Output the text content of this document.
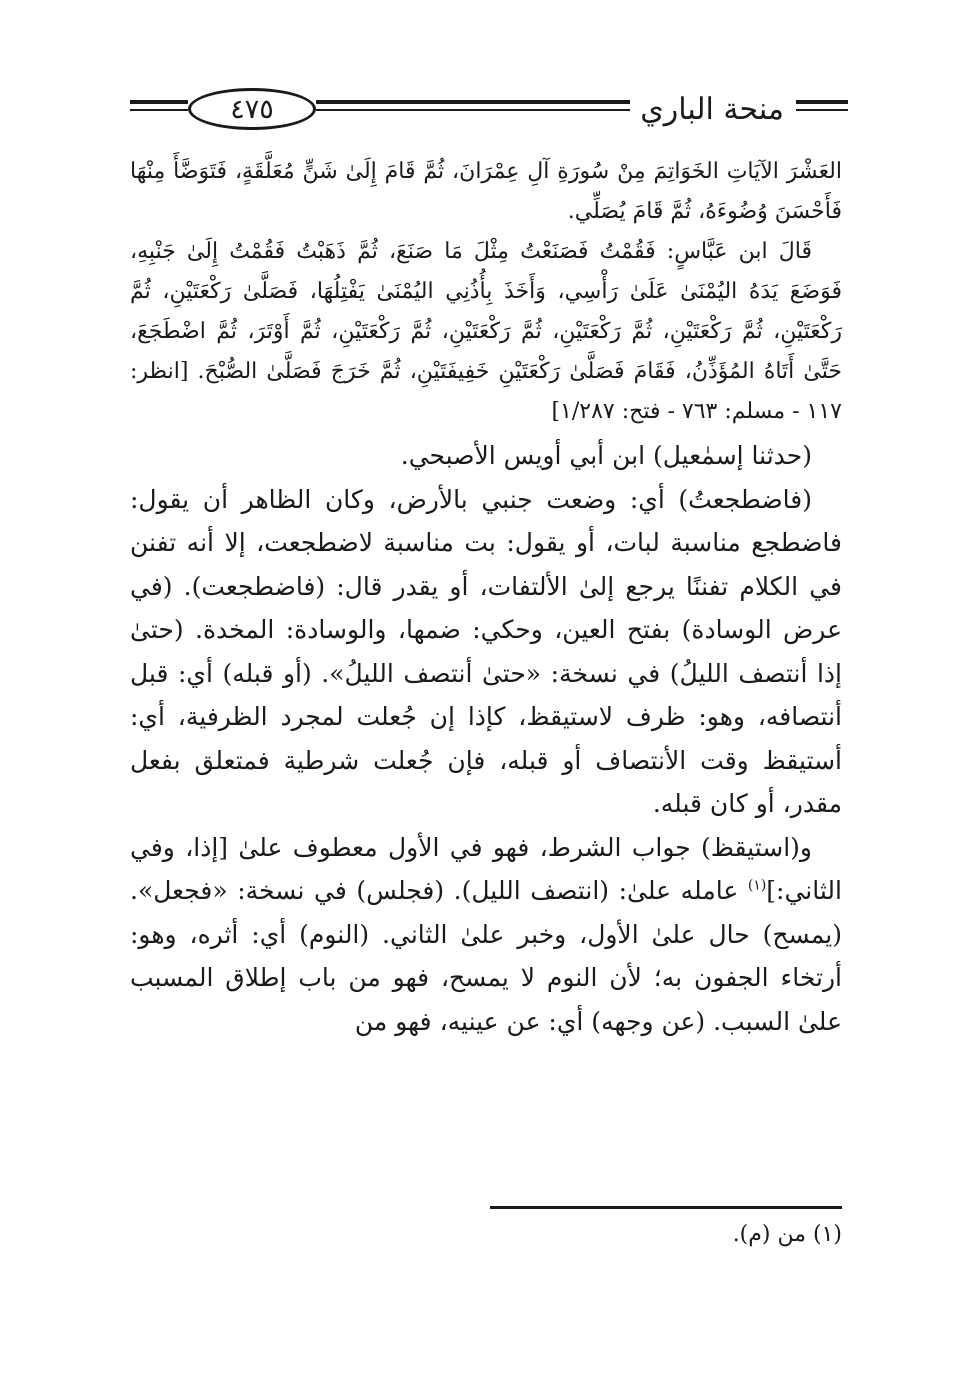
منحة الباري
٤٧٥

العَشْرَ الآيَاتِ الخَوَاتِمَ مِنْ سُورَةِ آلِ عِمْرَانَ، ثُمَّ قَامَ إِلَىٰ شَنٍّ مُعَلَّقَةٍ، فَتَوَضَّأَ مِنْهَا فَأَحْسَنَ وُضُوءَهُ، ثُمَّ قَامَ يُصَلِّي.

قَالَ ابن عَبَّاسٍ: فَقُمْتُ فَصَنَعْتُ مِثْلَ مَا صَنَعَ، ثُمَّ ذَهَبْتُ فَقُمْتُ إِلَىٰ جَنْبِهِ، فَوَضَعَ يَدَهُ اليُمْنَىٰ عَلَىٰ رَأْسِي، وَأَخَذَ بِأُذُنِي اليُمْنَىٰ يَفْتِلُهَا، فَصَلَّىٰ رَكْعَتَيْنِ، ثُمَّ رَكْعَتَيْنِ، ثُمَّ رَكْعَتَيْنِ، ثُمَّ رَكْعَتَيْنِ، ثُمَّ رَكْعَتَيْنِ، ثُمَّ رَكْعَتَيْنِ، ثُمَّ أَوْتَرَ، ثُمَّ اضْطَجَعَ، حَتَّىٰ أَتَاهُ المُؤَذِّنُ، فَقَامَ فَصَلَّىٰ رَكْعَتَيْنِ خَفِيفَتَيْنِ، ثُمَّ خَرَجَ فَصَلَّىٰ الصُّبْحَ. [انظر: ١١٧ - مسلم: ٧٦٣ - فتح: ١/٢٨٧]

(حدثنا إسمٰعيل) ابن أبي أويس الأصبحي.

(فاضطجعتُ) أي: وضعت جنبي بالأرض، وكان الظاهر أن يقول: فاضطجع مناسبة لبات، أو يقول: بت مناسبة لاضطجعت، إلا أنه تفنن في الكلام تفننًا يرجع إلىٰ الألتفات، أو يقدر قال: (فاضطجعت). (في عرض الوسادة) بفتح العين، وحكي: ضمها، والوسادة: المخدة. (حتىٰ إذا أنتصف الليلُ) في نسخة: «حتىٰ أنتصف الليلُ». (أو قبله) أي: قبل أنتصافه، وهو: ظرف لاستيقظ، كإذا إن جُعلت لمجرد الظرفية، أي: أستيقظ وقت الأنتصاف أو قبله، فإن جُعلت شرطية فمتعلق بفعل مقدر، أو كان قبله.

و(استيقظ) جواب الشرط، فهو في الأول معطوف علىٰ [إذا، وفي الثاني:]$^{(١)}$ عامله علىٰ: (انتصف الليل). (فجلس) في نسخة: «فجعل». (يمسح) حال علىٰ الأول، وخبر علىٰ الثاني. (النوم) أي: أثره، وهو: أرتخاء الجفون به؛ لأن النوم لا يمسح، فهو من باب إطلاق المسبب علىٰ السبب. (عن وجهه) أي: عن عينيه، فهو من

(١) من (م).
